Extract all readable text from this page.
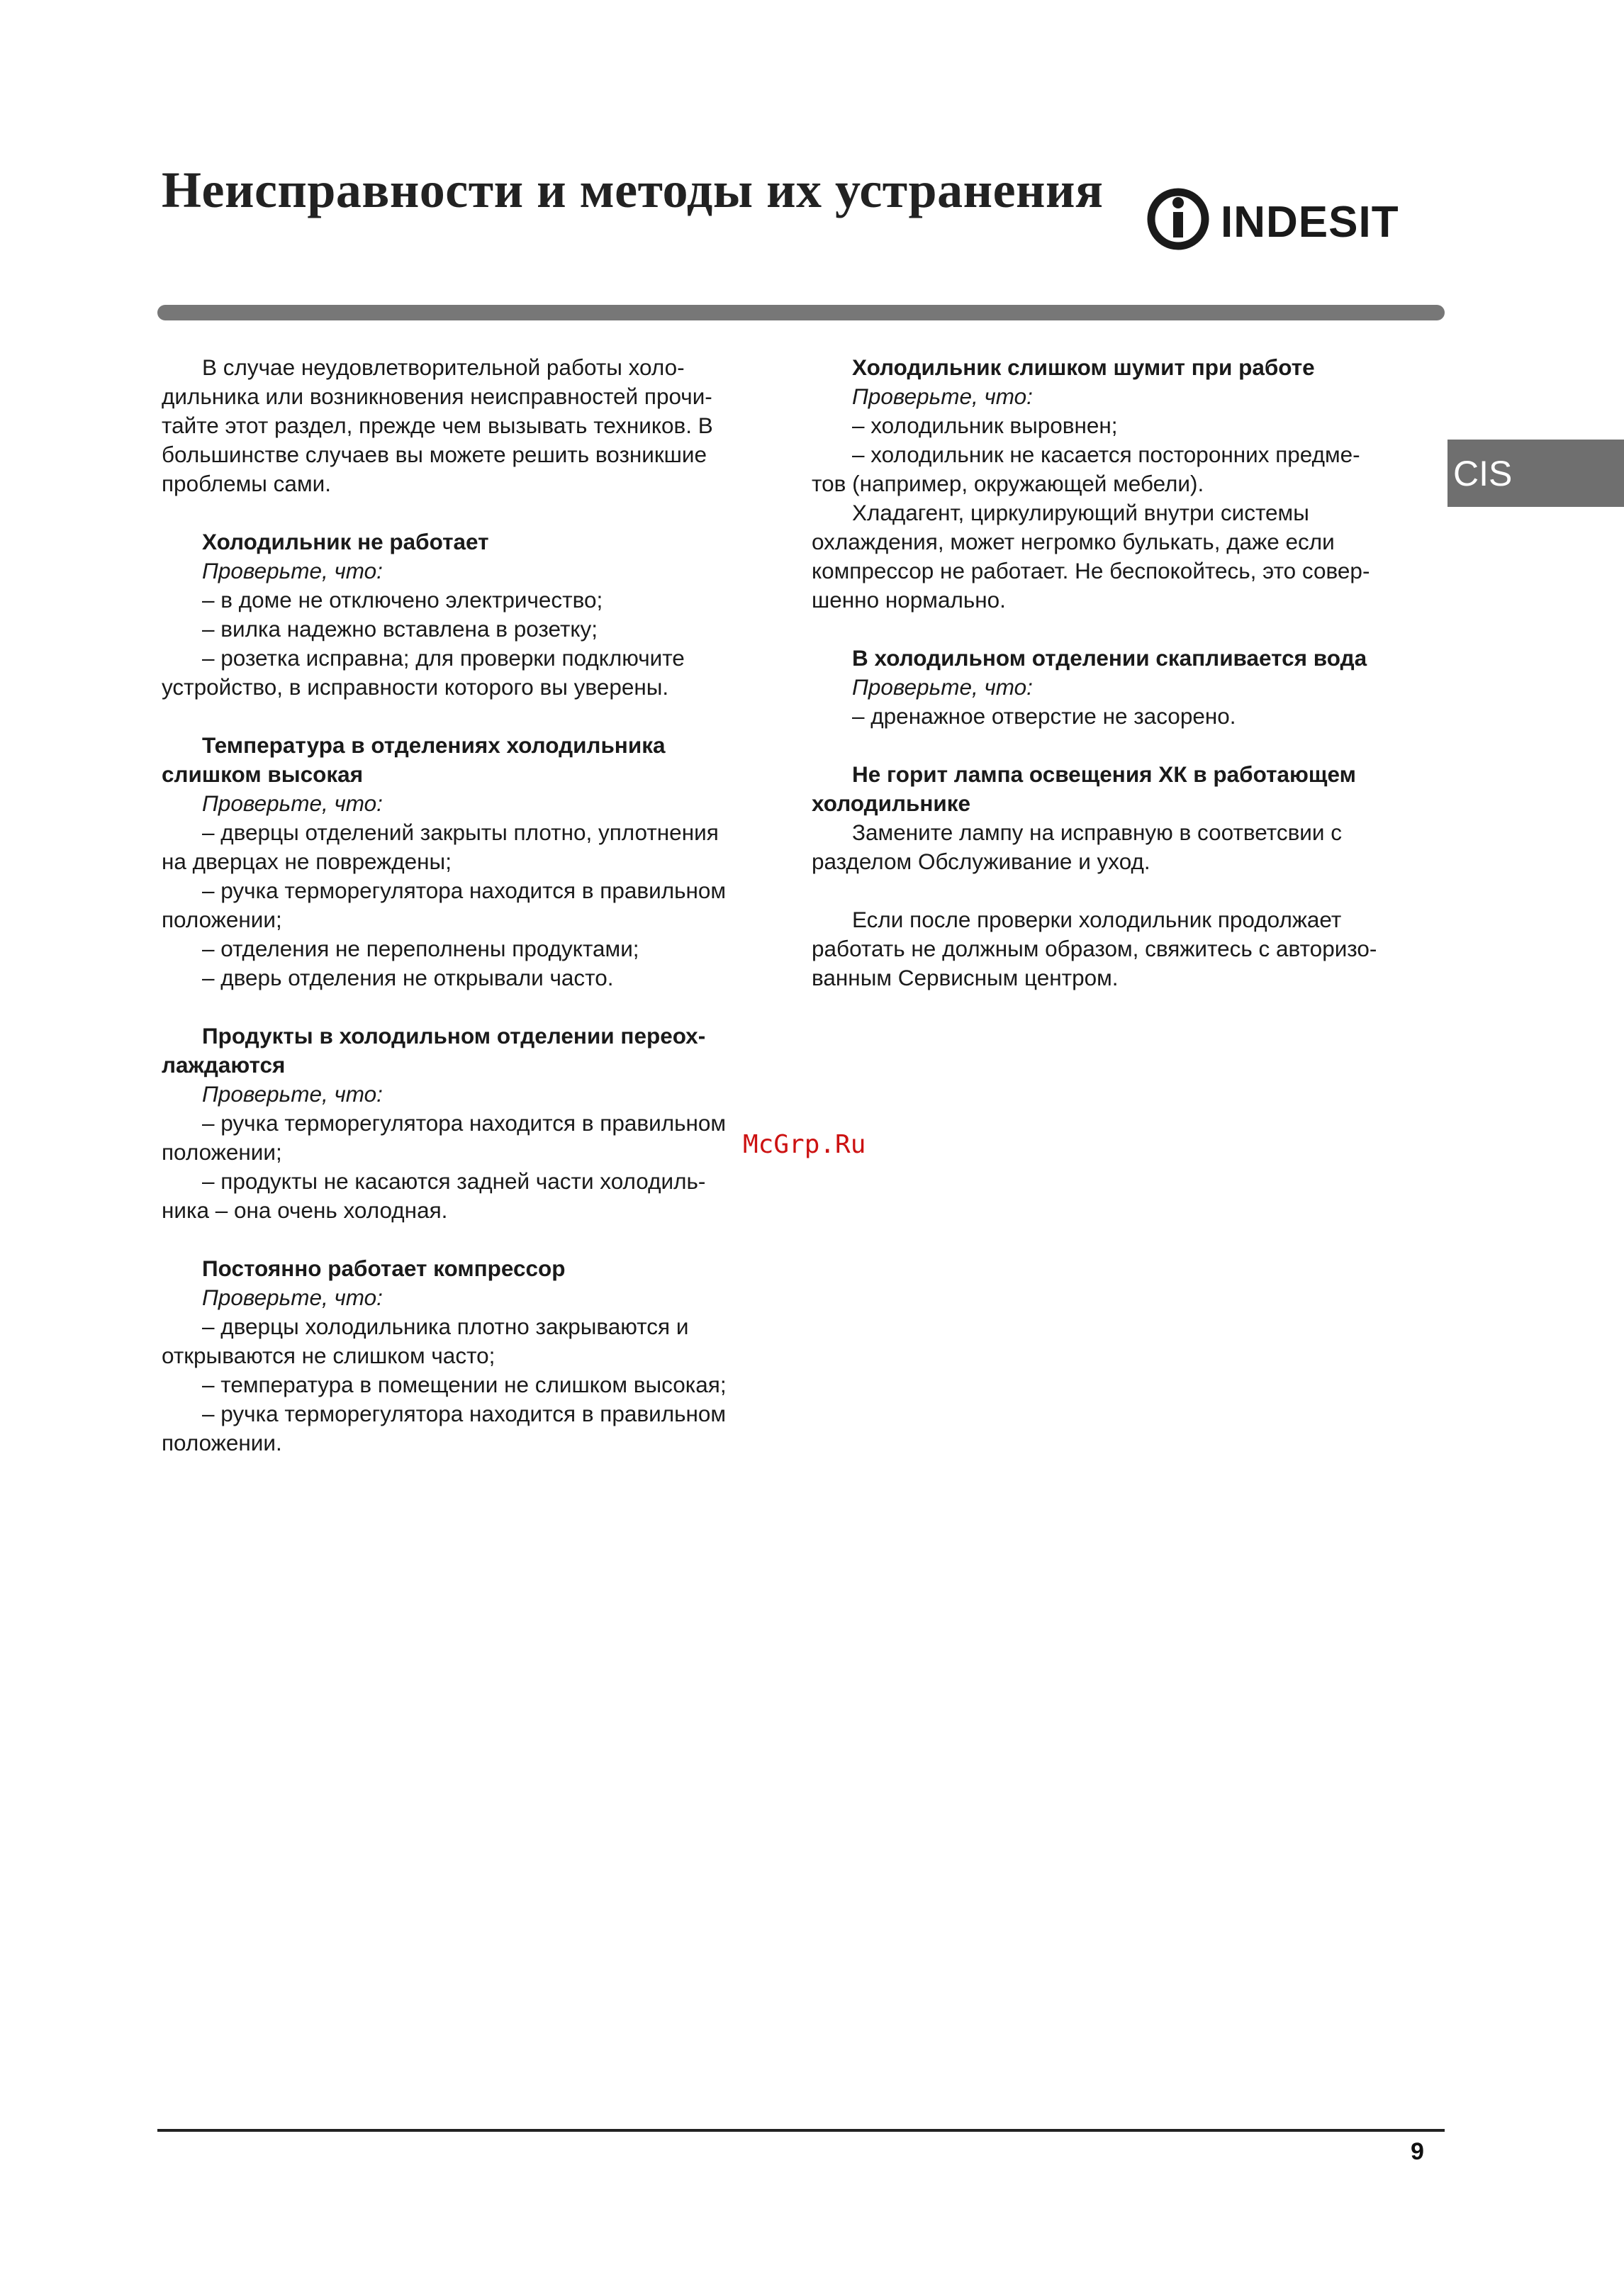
Неисправности и методы их устранения
INDESIT
CIS

В случае неудовлетворительной работы холо-

дильника или возникновения неисправностей прочи-

тайте этот раздел, прежде чем вызывать техников. В

большинстве случаев вы можете решить возникшие

проблемы сами.

Холодильник не работает

Проверьте, что:

– в доме не отключено электричество;

– вилка надежно вставлена в розетку;

– розетка исправна; для проверки подключите

устройство, в исправности которого вы уверены.

Температура в отделениях холодильника

слишком высокая

Проверьте, что:

– дверцы отделений закрыты плотно, уплотнения

на дверцах не повреждены;

– ручка терморегулятора находится в правильном

положении;

– отделения не переполнены продуктами;

– дверь отделения не открывали часто.

Продукты в холодильном отделении переох-

лаждаются

Проверьте, что:

– ручка терморегулятора находится в правильном

положении;

– продукты не касаются задней части холодиль-

ника – она очень холодная.

Постоянно работает компрессор

Проверьте, что:

– дверцы холодильника плотно закрываются и

открываются не слишком часто;

– температура в помещении не слишком высокая;

– ручка терморегулятора находится в правильном

положении.

Холодильник слишком шумит при работе

Проверьте, что:

– холодильник выровнен;

– холодильник не касается посторонних предме-

тов (например, окружающей мебели).

Хладагент, циркулирующий внутри системы

охлаждения, может негромко булькать, даже если

компрессор не работает. Не беспокойтесь, это совер-

шенно нормально.

В холодильном отделении скапливается вода

Проверьте, что:

– дренажное отверстие не засорено.

Не горит лампа освещения ХК в работающем

холодильнике

Замените лампу на исправную в соответсвии с

разделом Обслуживание и уход.

Если после проверки холодильник продолжает

работать не должным образом, свяжитесь с авторизо-

ванным Сервисным центром.

McGrp.Ru
9
